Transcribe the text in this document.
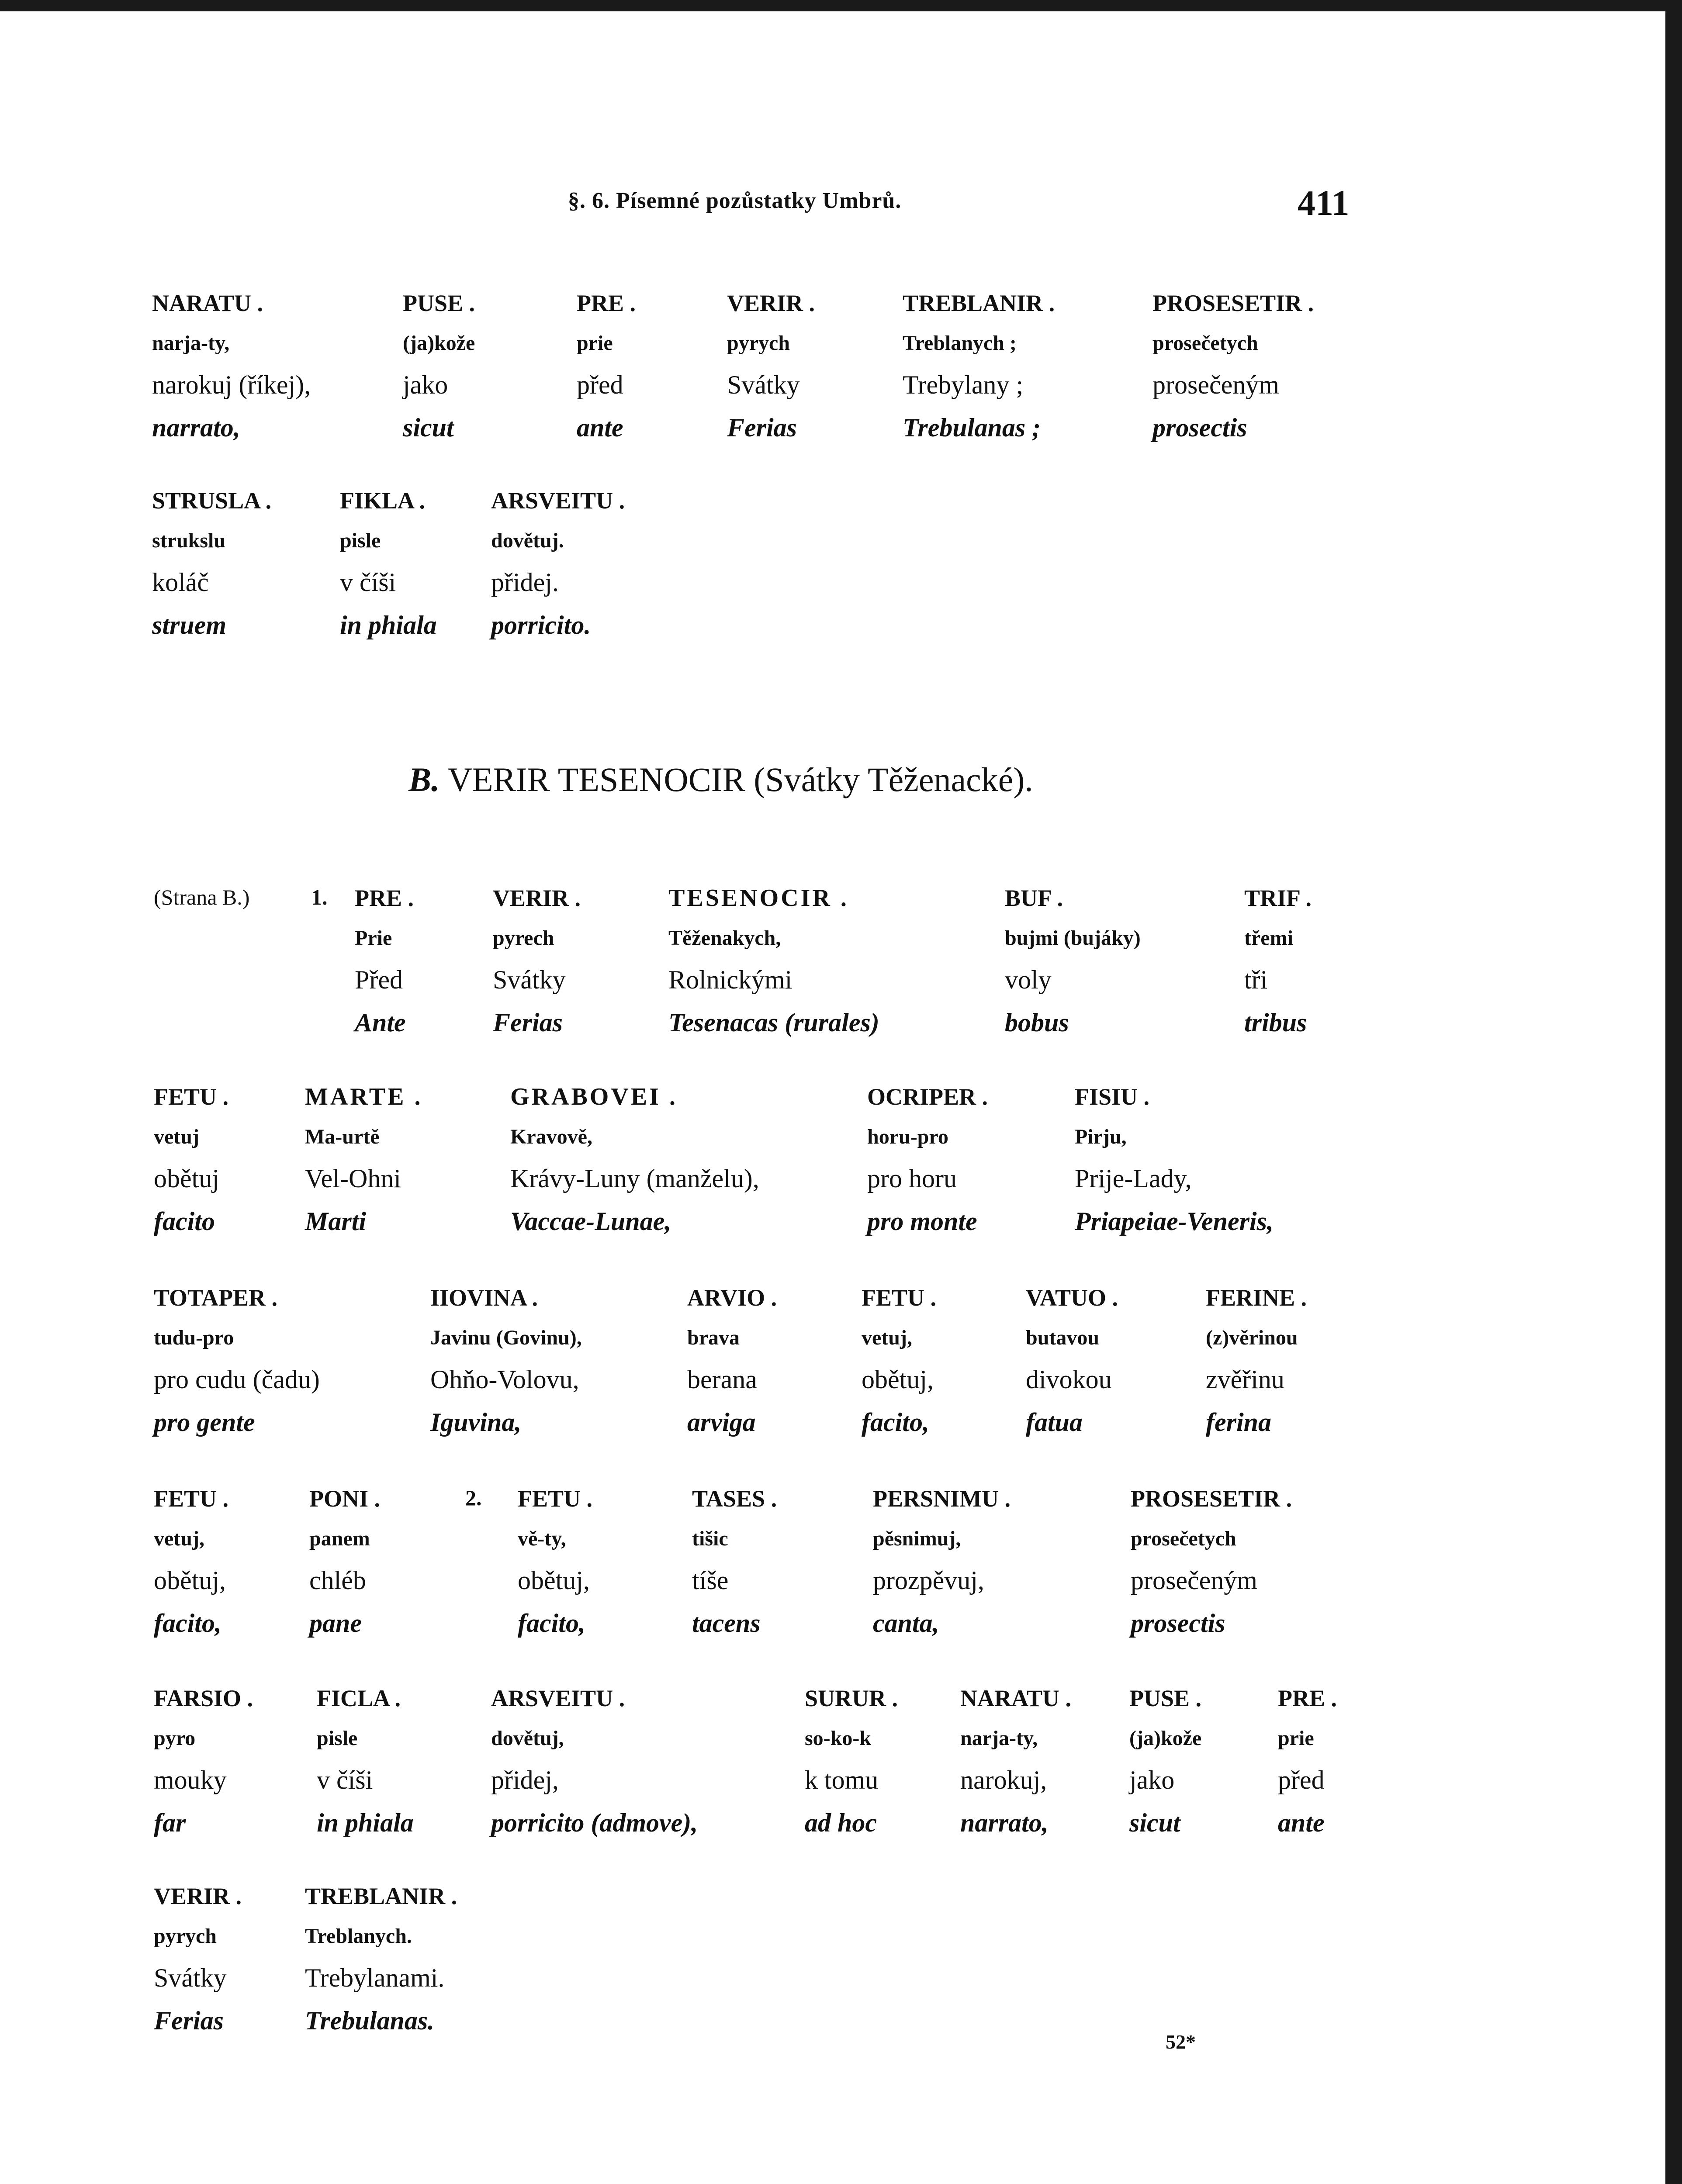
§. 6. Písemné pozůstatky Umbrů.	411
NARATU .
narja-ty,
narokuj (říkej),
narrato,
PUSE .
(ja)kože
jako
sicut
PRE .
prie
před
ante
VERIR .
pyrych
Svátky
Ferias
TREBLANIR .
Treblanych ;
Trebylany ;
Trebulanas ;
PROSESETIR .
prosečetych
prosečeným
prosectis
STRUSLA .
strukslu
koláč
struem
FIKLA .
pisle
v číši
in phiala
ARSVEITU .
dovětuj.
přidej.
porricito.
B. VERIR TESENOCIR (Svátky Těženacké).
(Strana B.)	1. PRE .
Prie
Před
Ante
VERIR .
pyrech
Svátky
Ferias
TESENOCIR .
Těženakych,
Rolnickými
Tesenacas (rurales)
BUF .
bujmi (bujáky)
voly
bobus
TRIF .
třemi
tři
tribus
FETU .
vetuj
obětuj
facito
MARTE .
Ma-urtě
Vel-Ohni
Marti
GRABOVEI .
Kravově,
Krávy-Luny (manželu),
Vaccae-Lunae,
OCRIPER .
horu-pro
pro horu
pro monte
FISIU .
Pirju,
Prije-Lady,
Priapeiae-Veneris,
TOTAPER .
tudu-pro
pro cudu (čadu)
pro gente
IIOVINA .
Javinu (Govinu),
Ohňo-Volovu,
Iguvina,
ARVIO .
brava
berana
arviga
FETU .
vetuj,
obětuj,
facito,
VATUO .
butavou
divokou
fatua
FERINE .
(z)věrinou
zvěřinu
ferina
2.
FETU .
vetuj,
obětuj,
facito,
PONI .
panem
chléb
pane
FETU .
vě-ty,
obětuj,
facito,
TASES .
tišic
tíše
tacens
PERSNIMU .
pěsnimuj,
prozpěvuj,
canta,
PROSESETIR .
prosečetych
prosečeným
prosectis
FARSIO .
pyro
mouky
far
FICLA .
pisle
v číši
in phiala
ARSVEITU .
dovětuj,
přidej,
porricito (admove),
SURUR .
so-ko-k
k tomu
ad hoc
NARATU .
narja-ty,
narokuj,
narrato,
PUSE .
(ja)kože
jako
sicut
PRE .
prie
před
ante
VERIR .
pyrych
Svátky
Ferias
TREBLANIR .
Treblanych.
Trebylanami.
Trebulanas.
52*
